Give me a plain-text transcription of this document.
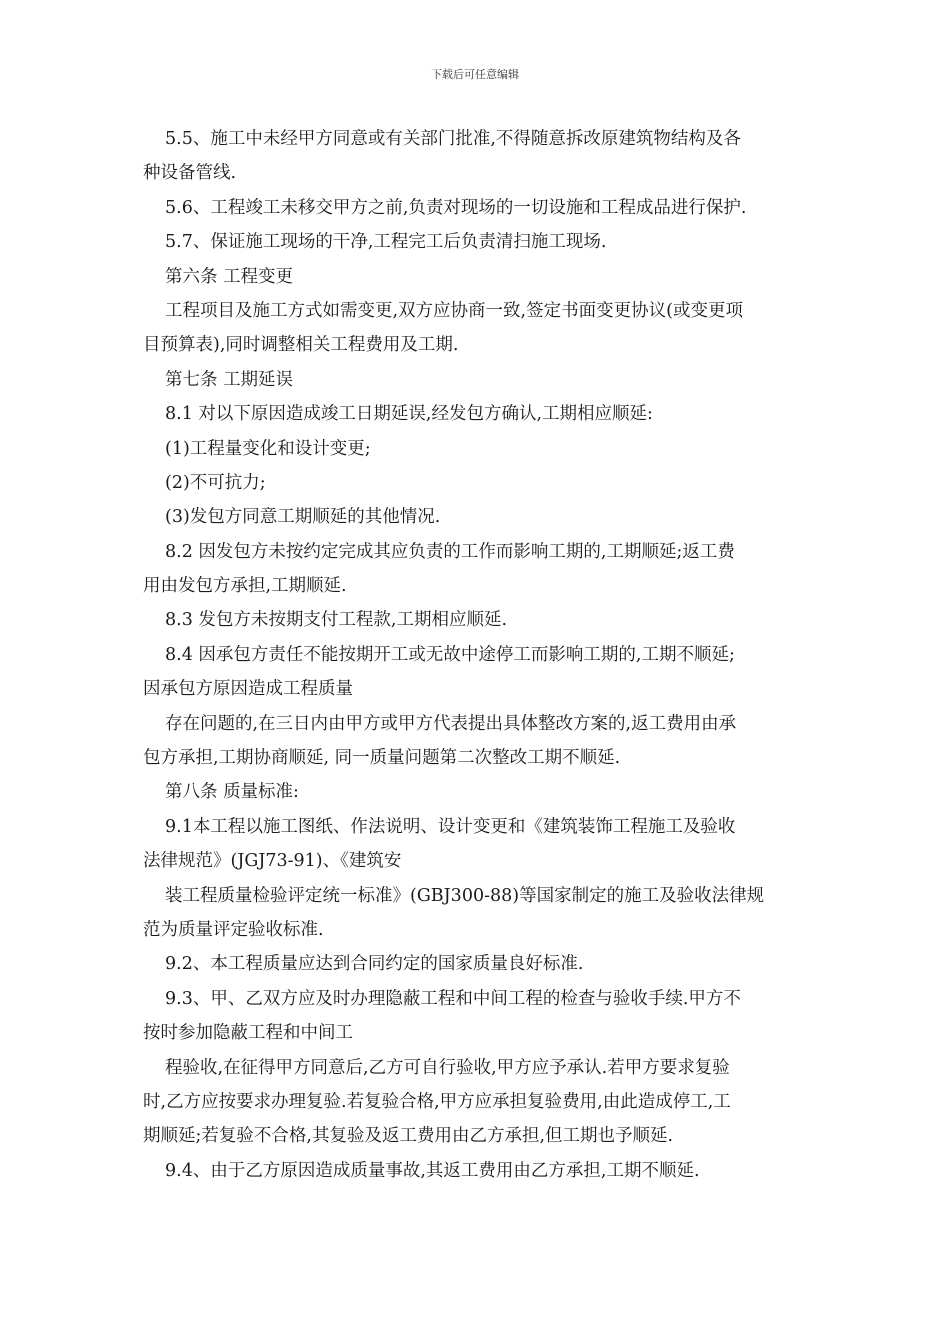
下载后可任意编辑
5.5、施工中未经甲方同意或有关部门批准,不得随意拆改原建筑物结构及各
种设备管线.
5.6、工程竣工未移交甲方之前,负责对现场的一切设施和工程成品进行保护.
5.7、保证施工现场的干净,工程完工后负责清扫施工现场.
第六条 工程变更
工程项目及施工方式如需变更,双方应协商一致,签定书面变更协议(或变更项
目预算表),同时调整相关工程费用及工期.
第七条 工期延误
8.1 对以下原因造成竣工日期延误,经发包方确认,工期相应顺延:
(1)工程量变化和设计变更;
(2)不可抗力;
(3)发包方同意工期顺延的其他情况.
8.2 因发包方未按约定完成其应负责的工作而影响工期的,工期顺延;返工费
用由发包方承担,工期顺延.
8.3 发包方未按期支付工程款,工期相应顺延.
8.4 因承包方责任不能按期开工或无故中途停工而影响工期的,工期不顺延;
因承包方原因造成工程质量
存在问题的,在三日内由甲方或甲方代表提出具体整改方案的,返工费用由承
包方承担,工期协商顺延, 同一质量问题第二次整改工期不顺延.
第八条 质量标准:
9.1本工程以施工图纸、作法说明、设计变更和《建筑装饰工程施工及验收
法律规范》(JGJ73-91)、《建筑安
装工程质量检验评定统一标准》(GBJ300-88)等国家制定的施工及验收法律规
范为质量评定验收标准.
9.2、本工程质量应达到合同约定的国家质量良好标准.
9.3、甲、乙双方应及时办理隐蔽工程和中间工程的检查与验收手续.甲方不
按时参加隐蔽工程和中间工
程验收,在征得甲方同意后,乙方可自行验收,甲方应予承认.若甲方要求复验
时,乙方应按要求办理复验.若复验合格,甲方应承担复验费用,由此造成停工,工
期顺延;若复验不合格,其复验及返工费用由乙方承担,但工期也予顺延.
9.4、由于乙方原因造成质量事故,其返工费用由乙方承担,工期不顺延.
